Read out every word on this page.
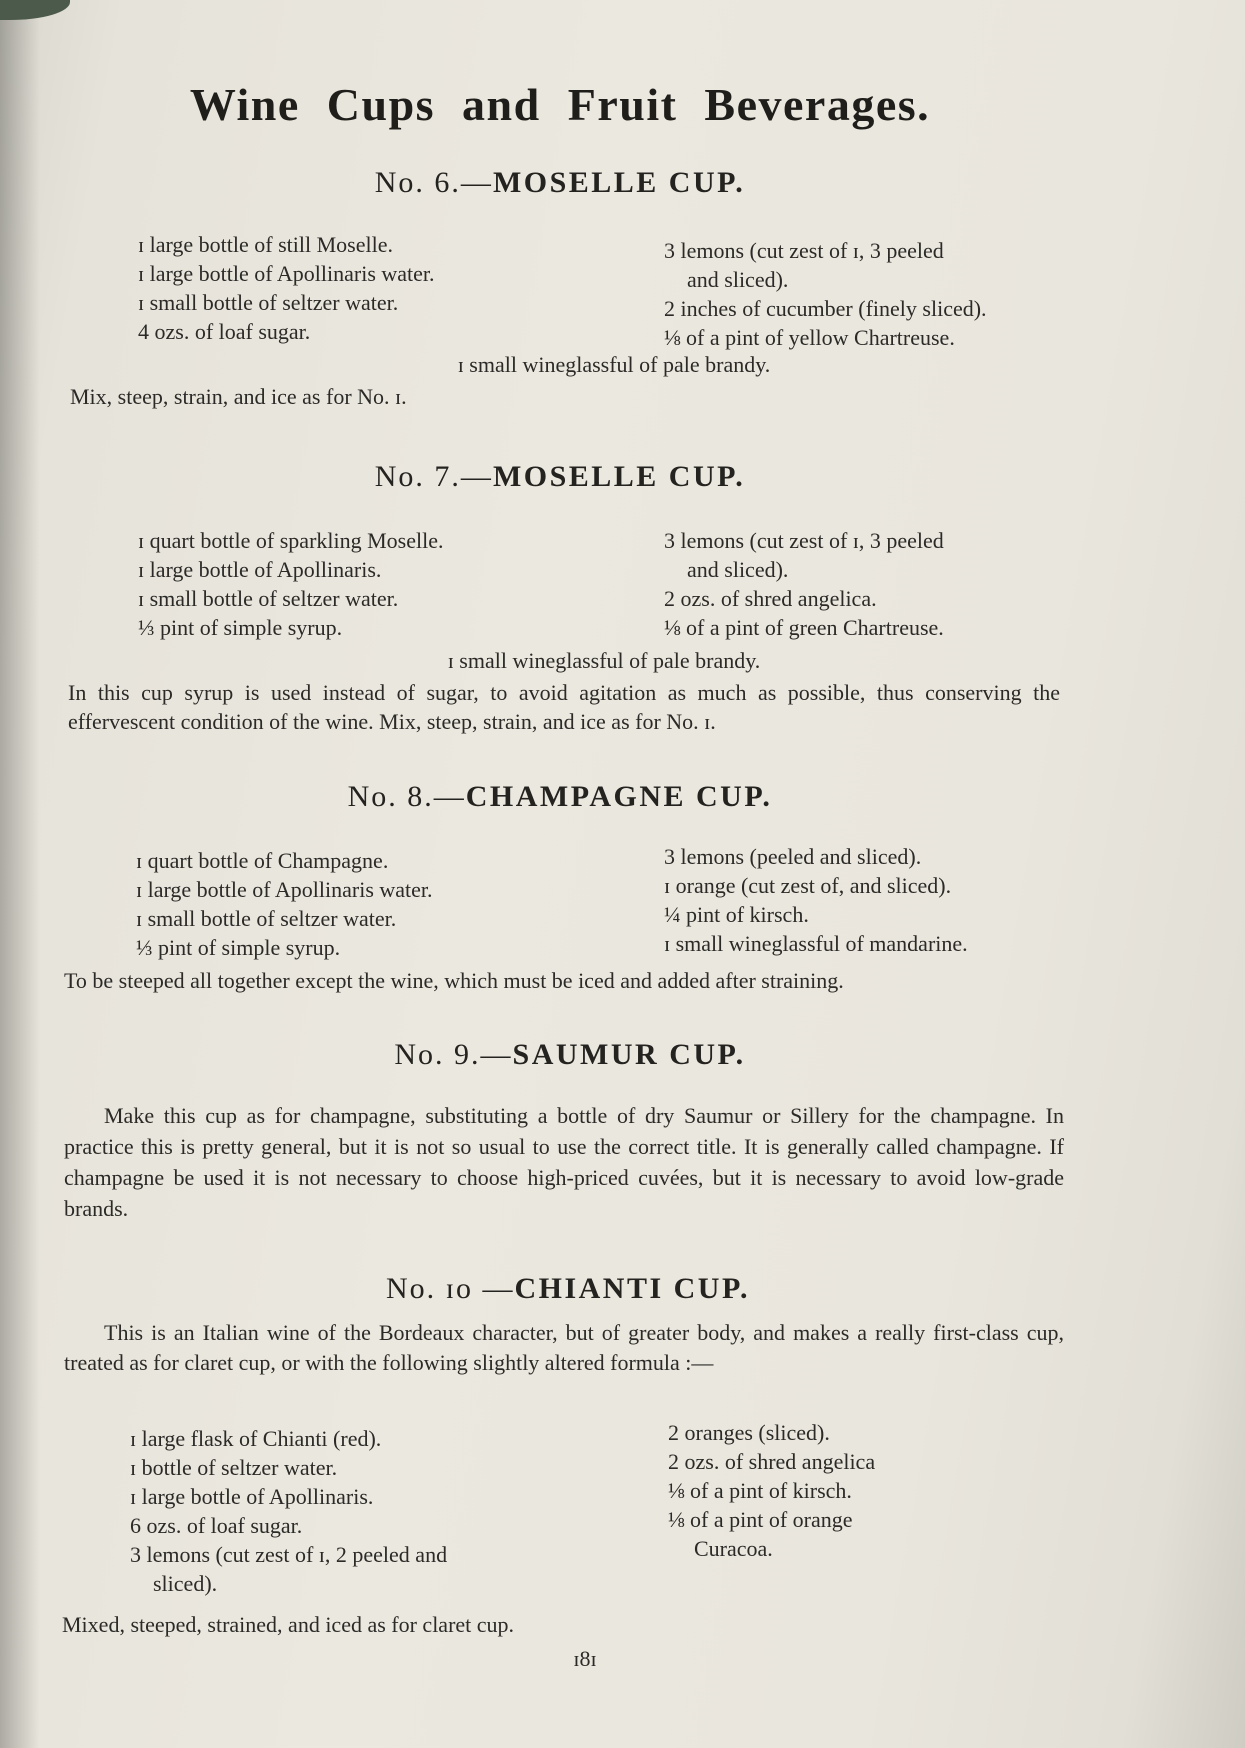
Wine Cups and Fruit Beverages.
No. 6.—MOSELLE CUP.
ɪ large bottle of still Moselle.
ɪ large bottle of Apollinaris water.
ɪ small bottle of seltzer water.
4 ozs. of loaf sugar.
3 lemons (cut zest of ɪ, 3 peeled
and sliced).
2 inches of cucumber (finely sliced).
⅛ of a pint of yellow Chartreuse.
ɪ small wineglassful of pale brandy.
Mix, steep, strain, and ice as for No. ɪ.
No. 7.—MOSELLE CUP.
ɪ quart bottle of sparkling Moselle.
ɪ large bottle of Apollinaris.
ɪ small bottle of seltzer water.
⅓ pint of simple syrup.
3 lemons (cut zest of ɪ, 3 peeled
and sliced).
2 ozs. of shred angelica.
⅛ of a pint of green Chartreuse.
ɪ small wineglassful of pale brandy.
In this cup syrup is used instead of sugar, to avoid agitation as much as possible, thus conserving the effervescent condition of the wine. Mix, steep, strain, and ice as for No. ɪ.
No. 8.—CHAMPAGNE CUP.
ɪ quart bottle of Champagne.
ɪ large bottle of Apollinaris water.
ɪ small bottle of seltzer water.
⅓ pint of simple syrup.
3 lemons (peeled and sliced).
ɪ orange (cut zest of, and sliced).
¼ pint of kirsch.
ɪ small wineglassful of mandarine.
To be steeped all together except the wine, which must be iced and added after straining.
No. 9.—SAUMUR CUP.
Make this cup as for champagne, substituting a bottle of dry Saumur or Sillery for the champagne. In practice this is pretty general, but it is not so usual to use the correct title. It is generally called champagne. If champagne be used it is not necessary to choose high-priced cuvées, but it is necessary to avoid low-grade brands.
No. ɪo —CHIANTI CUP.
This is an Italian wine of the Bordeaux character, but of greater body, and makes a really first-class cup, treated as for claret cup, or with the following slightly altered formula :—
ɪ large flask of Chianti (red).
ɪ bottle of seltzer water.
ɪ large bottle of Apollinaris.
6 ozs. of loaf sugar.
3 lemons (cut zest of ɪ, 2 peeled and
sliced).
2 oranges (sliced).
2 ozs. of shred angelica
⅛ of a pint of kirsch.
⅛ of a pint of orange
Curacoa.
Mixed, steeped, strained, and iced as for claret cup.
ɪ8ɪ
